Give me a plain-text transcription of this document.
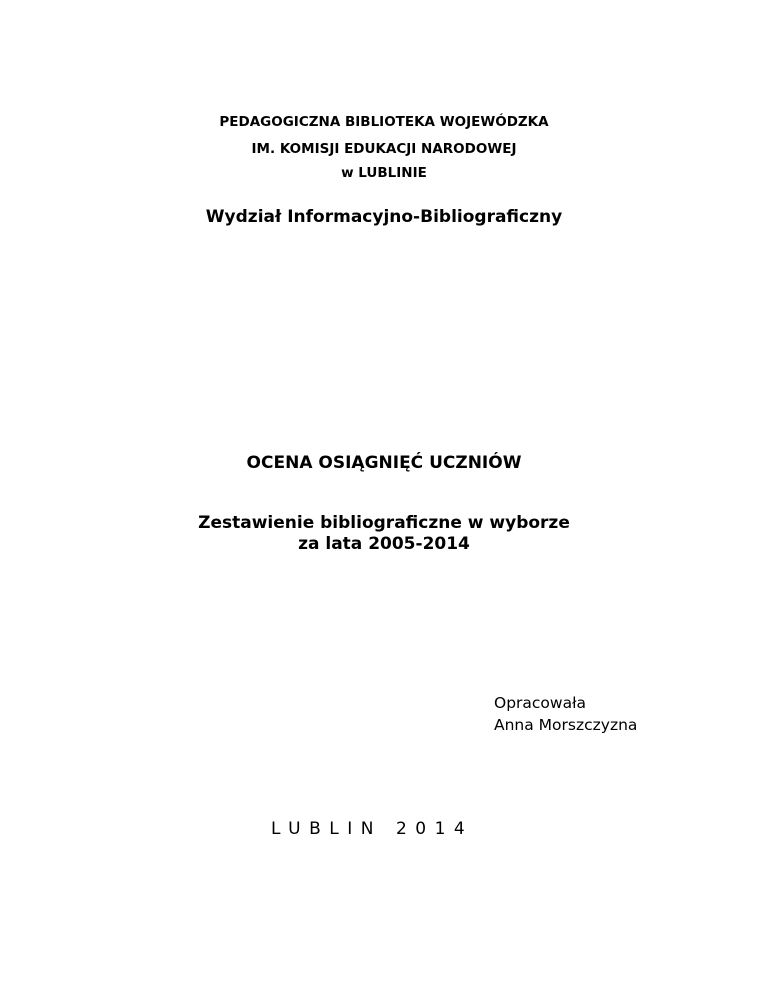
PEDAGOGICZNA BIBLIOTEKA WOJEWÓDZKA
IM. KOMISJI EDUKACJI NARODOWEJ
w LUBLINIE
Wydział Informacyjno-Bibliograficzny
OCENA OSIĄGNIĘĆ UCZNIÓW
Zestawienie bibliograficzne w wyborze
za lata 2005-2014
Opracowała
Anna Morszczyzna
LUBLIN 2014
